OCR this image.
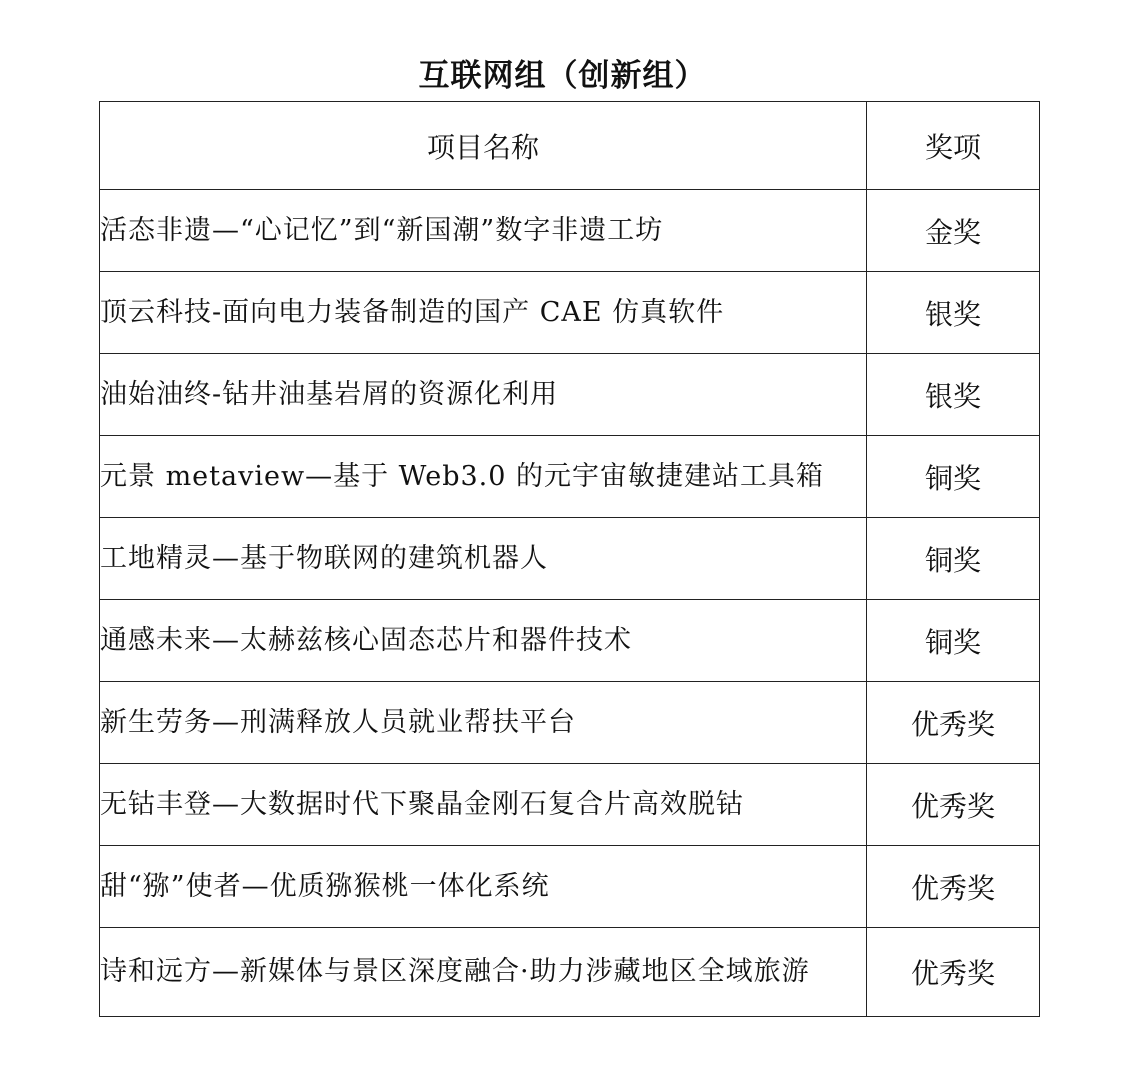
互联网组（创新组）
项目名称	奖项
活态非遗—“心记忆”到“新国潮”数字非遗工坊	金奖
顶云科技-面向电力装备制造的国产 CAE 仿真软件	银奖
油始油终-钻井油基岩屑的资源化利用	银奖
元景 metaview—基于 Web3.0 的元宇宙敏捷建站工具箱	铜奖
工地精灵—基于物联网的建筑机器人	铜奖
通感未来—太赫兹核心固态芯片和器件技术	铜奖
新生劳务—刑满释放人员就业帮扶平台	优秀奖
无钴丰登—大数据时代下聚晶金刚石复合片高效脱钴	优秀奖
甜“猕”使者—优质猕猴桃一体化系统	优秀奖
诗和远方—新媒体与景区深度融合·助力涉藏地区全域旅游	优秀奖
